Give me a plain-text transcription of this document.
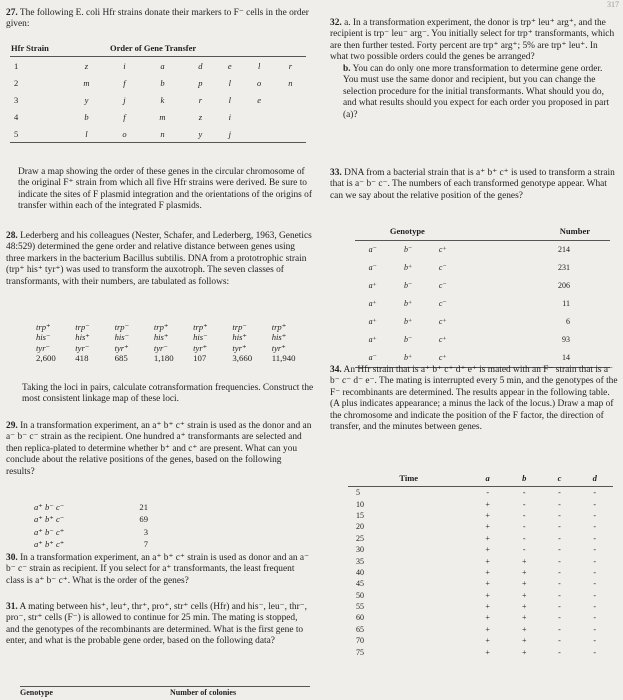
317
27. The following E. coli Hfr strains donate their markers to F⁻ cells in the order given:
Hfr Strain	Order of Gene Transfer						
1	z	i	a	d	e	l	r
2	m	f	b	p	l	o	n
3	y	j	k	r	l	e	
4	b	f	m	z	i		
5	l	o	n	y	j		
Draw a map showing the order of these genes in the circular chromosome of the original F⁺ strain from which all five Hfr strains were derived. Be sure to indicate the sites of F plasmid integration and the orientations of the origins of transfer within each of the integrated F plasmids.
28. Lederberg and his colleagues (Nester, Schafer, and Lederberg, 1963, Genetics 48:529) determined the gene order and relative distance between genes using three markers in the bacterium Bacillus subtilis. DNA from a prototrophic strain (trp⁺ his⁺ tyr⁺) was used to transform the auxotroph. The seven classes of transformants, with their numbers, are tabulated as follows:
trp⁺	trp⁻	trp⁻	trp⁺	trp⁺	trp⁻	trp⁺
his⁻	his⁺	his⁻	his⁺	his⁻	his⁺	his⁺
tyr⁻	tyr⁻	tyr⁺	tyr⁻	tyr⁺	tyr⁺	tyr⁺
2,600	418	685	1,180	107	3,660	11,940
Taking the loci in pairs, calculate cotransformation frequencies. Construct the most consistent linkage map of these loci.
29. In a transformation experiment, an a⁺ b⁺ c⁺ strain is used as the donor and an a⁻ b⁻ c⁻ strain as the recipient. One hundred a⁺ transformants are selected and then replica-plated to determine whether b⁺ and c⁺ are present. What can you conclude about the relative positions of the genes, based on the following results?
a⁺ b⁻ c⁻	21
a⁺ b⁺ c⁻	69
a⁺ b⁻ c⁺	3
a⁺ b⁺ c⁺	7
30. In a transformation experiment, an a⁺ b⁺ c⁺ strain is used as donor and an a⁻ b⁻ c⁻ strain as recipient. If you select for a⁺ transformants, the least frequent class is a⁺ b⁻ c⁺. What is the order of the genes?
31. A mating between his⁺, leu⁺, thr⁺, pro⁺, str⁺ cells (Hfr) and his⁻, leu⁻, thr⁻, pro⁻, str⁺ cells (F⁻) is allowed to continue for 25 min. The mating is stopped, and the genotypes of the recombinants are determined. What is the first gene to enter, and what is the probable gene order, based on the following data?
Genotype	Number of colonies
32. a. In a transformation experiment, the donor is trp⁺ leu⁺ arg⁺, and the recipient is trp⁻ leu⁻ arg⁻. You initially select for trp⁺ transformants, which are then further tested. Forty percent are trp⁺ arg⁺; 5% are trp⁺ leu⁺. In what two possible orders could the genes be arranged?
b. You can do only one more transformation to determine gene order. You must use the same donor and recipient, but you can change the selection procedure for the initial transformants. What should you do, and what results should you expect for each order you proposed in part (a)?
33. DNA from a bacterial strain that is a⁺ b⁺ c⁺ is used to transform a strain that is a⁻ b⁻ c⁻. The numbers of each transformed genotype appear. What can we say about the relative position of the genes?
Genotype			Number
a⁻	b⁻	c⁺	214
a⁻	b⁺	c⁻	231
a⁺	b⁻	c⁻	206
a⁺	b⁺	c⁻	11
a⁺	b⁺	c⁺	6
a⁺	b⁻	c⁺	93
a⁻	b⁺	c⁺	14
34. An Hfr strain that is a⁺ b⁺ c⁺ d⁺ e⁺ is mated with an F⁻ strain that is a⁻ b⁻ c⁻ d⁻ e⁻. The mating is interrupted every 5 min, and the genotypes of the F⁻ recombinants are determined. The results appear in the following table. (A plus indicates appearance; a minus the lack of the locus.) Draw a map of the chromosome and indicate the position of the F factor, the direction of transfer, and the minutes between genes.
Time	a	b	c	d
5	-	-	-	-
10	+	-	-	-
15	+	-	-	-
20	+	-	-	-
25	+	-	-	-
30	+	-	-	-
35	+	+	-	-
40	+	+	-	-
45	+	+	-	-
50	+	+	-	-
55	+	+	-	-
60	+	+	-	-
65	+	+	-	-
70	+	+	-	-
75	+	+	-	-
